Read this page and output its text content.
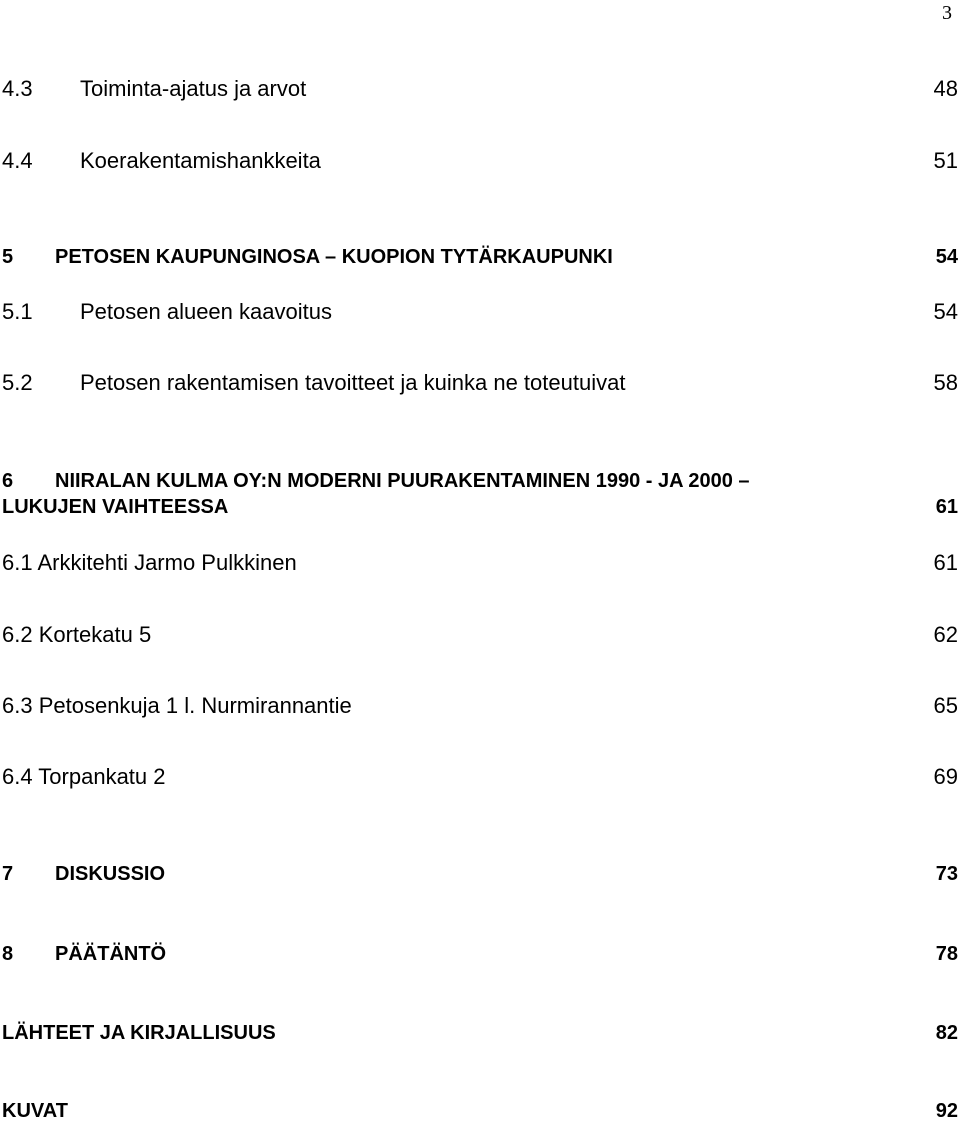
3
4.3 Toiminta-ajatus ja arvot	48
4.4 Koerakentamishankkeita	51
5 PETOSEN KAUPUNGINOSA – KUOPION TYTÄRKAUPUNKI	54
5.1 Petosen alueen kaavoitus	54
5.2 Petosen rakentamisen tavoitteet ja kuinka ne toteutuivat	58
6 NIIRALAN KULMA OY:N MODERNI PUURAKENTAMINEN 1990 - JA 2000 –
LUKUJEN VAIHTEESSA	61
6.1 Arkkitehti Jarmo Pulkkinen	61
6.2 Kortekatu 5	62
6.3 Petosenkuja 1 l. Nurmirannantie	65
6.4 Torpankatu 2	69
7 DISKUSSIO	73
8 PÄÄTÄNTÖ	78
LÄHTEET JA KIRJALLISUUS	82
KUVAT	92
